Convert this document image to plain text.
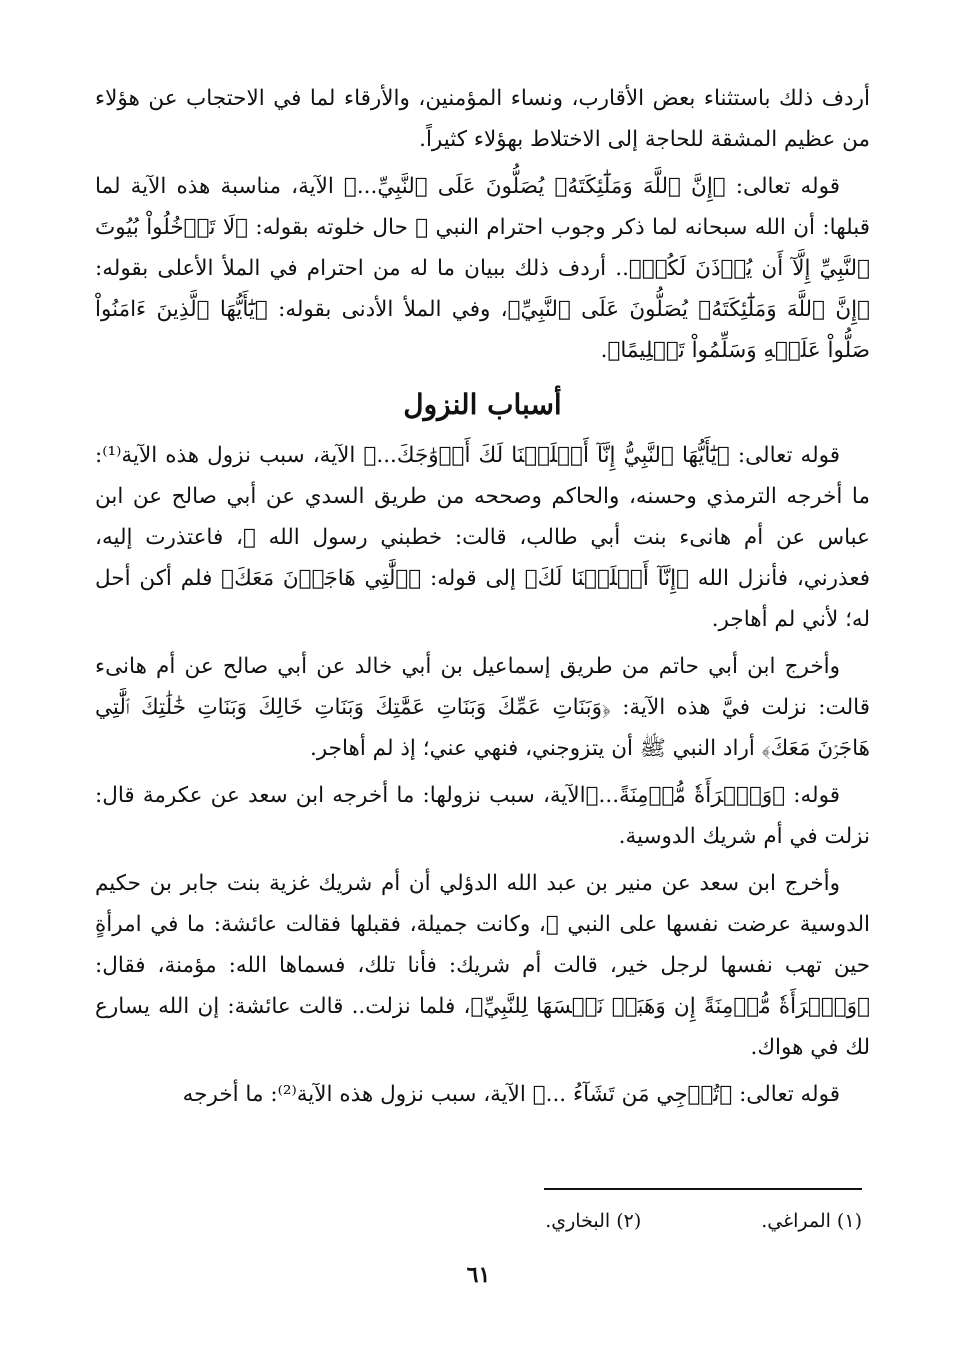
أردف ذلك باستثناء بعض الأقارب، ونساء المؤمنين، والأرقاء لما في الاحتجاب عن هؤلاء من عظيم المشقة للحاجة إلى الاختلاط بهؤلاء كثيراً.

قوله تعالى: ﴿إِنَّ ٱللَّهَ وَمَلَٰٓئِكَتَهُۥ يُصَلُّونَ عَلَى ٱلنَّبِيِّ...﴾ الآية، مناسبة هذه الآية لما قبلها: أن الله سبحانه لما ذكر وجوب احترام النبي ﷺ حال خلوته بقوله: ﴿لَا تَدۡخُلُواْ بُيُوتَ ٱلنَّبِيِّ إِلَّآ أَن يُؤۡذَنَ لَكُمۡ﴾.. أردف ذلك ببيان ما له من احترام في الملأ الأعلى بقوله: ﴿إِنَّ ٱللَّهَ وَمَلَٰٓئِكَتَهُۥ يُصَلُّونَ عَلَى ٱلنَّبِيِّ﴾، وفي الملأ الأدنى بقوله: ﴿يَٰٓأَيُّهَا ٱلَّذِينَ ءَامَنُواْ صَلُّواْ عَلَيۡهِ وَسَلِّمُواْ تَسۡلِيمًا﴾.

أسباب النزول

قوله تعالى: ﴿يَٰٓأَيُّهَا ٱلنَّبِيُّ إِنَّآ أَحۡلَلۡنَا لَكَ أَزۡوَٰجَكَ...﴾ الآية، سبب نزول هذه الآية⁽¹⁾: ما أخرجه الترمذي وحسنه، والحاكم وصححه من طريق السدي عن أبي صالح عن ابن عباس عن أم هانىء بنت أبي طالب، قالت: خطبني رسول الله ﷺ، فاعتذرت إليه، فعذرني، فأنزل الله ﴿إِنَّآ أَحۡلَلۡنَا لَكَ﴾ إلى قوله: ﴿ٱلَّٰتِي هَاجَرۡنَ مَعَكَ﴾ فلم أكن أحل له؛ لأني لم أهاجر.

وأخرج ابن أبي حاتم من طريق إسماعيل بن أبي خالد عن أبي صالح عن أم هانىء قالت: نزلت فيَّ هذه الآية: ﴿وَبَنَاتِ عَمِّكَ وَبَنَاتِ عَمَّٰتِكَ وَبَنَاتِ خَالِكَ وَبَنَاتِ خَٰلَٰتِكَ ٱلَّٰتِي هَاجَرۡنَ مَعَكَ﴾ أراد النبي ﷺ أن يتزوجني، فنهي عني؛ إذ لم أهاجر.

قوله: ﴿وَٱمۡرَأَةٗ مُّؤۡمِنَةً...﴾الآية، سبب نزولها: ما أخرجه ابن سعد عن عكرمة قال: نزلت في أم شريك الدوسية.

وأخرج ابن سعد عن منير بن عبد الله الدؤلي أن أم شريك غزية بنت جابر بن حكيم الدوسية عرضت نفسها على النبي ﷺ، وكانت جميلة، فقبلها فقالت عائشة: ما في امرأةٍ حين تهب نفسها لرجل خير، قالت أم شريك: فأنا تلك، فسماها الله: مؤمنة، فقال: ﴿وَٱمۡرَأَةٗ مُّؤۡمِنَةً إِن وَهَبَتۡ نَفۡسَهَا لِلنَّبِيِّ﴾، فلما نزلت.. قالت عائشة: إن الله يسارع لك في هواك.

قوله تعالى: ﴿تُرۡجِي مَن تَشَآءُ ...﴾ الآية، سبب نزول هذه الآية⁽²⁾: ما أخرجه

(١) المراغي.
(٢) البخاري.
٦١
